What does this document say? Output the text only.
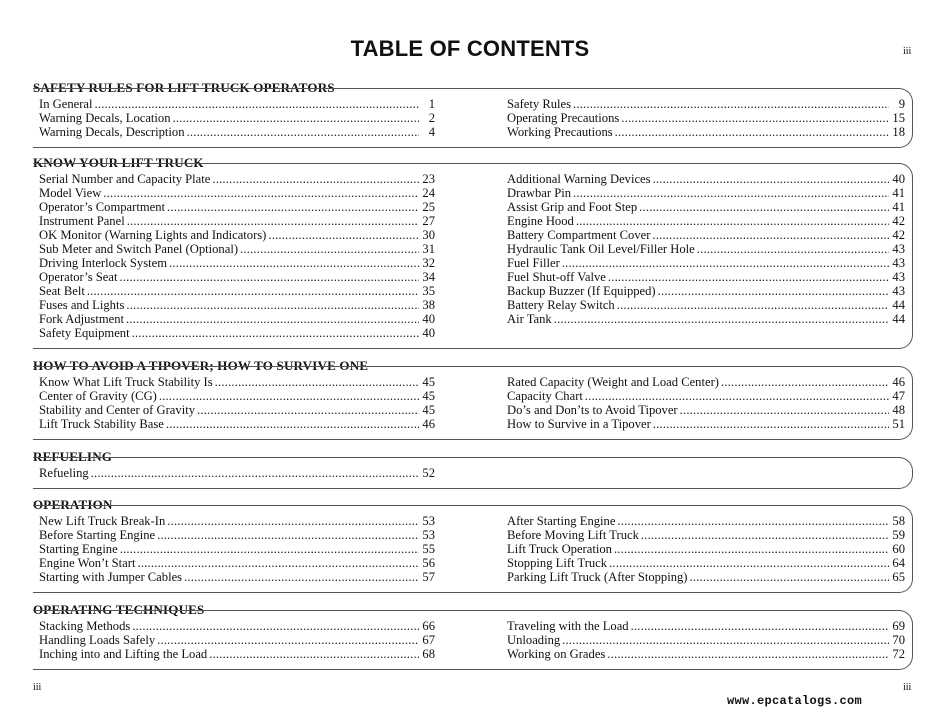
TABLE OF CONTENTS	iii
iii	iii
www.epcatalogs.com
SAFETY RULES FOR LIFT TRUCK OPERATORS
In General .....	1
Warning Decals, Location .....	2
Warning Decals, Description .....	4
Safety Rules .....	9
Operating Precautions .....	15
Working Precautions .....	18
KNOW YOUR LIFT TRUCK
Serial Number and Capacity Plate .....	23
Model View .....	24
Operator’s Compartment .....	25
Instrument Panel .....	27
OK Monitor (Warning Lights and Indicators) .....	30
Sub Meter and Switch Panel (Optional) .....	31
Driving Interlock System .....	32
Operator’s Seat .....	34
Seat Belt .....	35
Fuses and Lights .....	38
Fork Adjustment .....	40
Safety Equipment .....	40
Additional Warning Devices .....	40
Drawbar Pin .....	41
Assist Grip and Foot Step .....	41
Engine Hood .....	42
Battery Compartment Cover .....	42
Hydraulic Tank Oil Level/Filler Hole .....	43
Fuel Filler .....	43
Fuel Shut-off Valve .....	43
Backup Buzzer (If Equipped) .....	43
Battery Relay Switch .....	44
Air Tank .....	44
HOW TO AVOID A TIPOVER; HOW TO SURVIVE ONE
Know What Lift Truck Stability Is .....	45
Center of Gravity (CG) .....	45
Stability and Center of Gravity .....	45
Lift Truck Stability Base .....	46
Rated Capacity (Weight and Load Center) .....	46
Capacity Chart .....	47
Do’s and Don’ts to Avoid Tipover .....	48
How to Survive in a Tipover .....	51
REFUELING
Refueling .....	52
OPERATION
New Lift Truck Break-In .....	53
Before Starting Engine .....	53
Starting Engine .....	55
Engine Won’t Start .....	56
Starting with Jumper Cables .....	57
After Starting Engine .....	58
Before Moving Lift Truck .....	59
Lift Truck Operation .....	60
Stopping Lift Truck .....	64
Parking Lift Truck (After Stopping) .....	65
OPERATING TECHNIQUES
Stacking Methods .....	66
Handling Loads Safely .....	67
Inching into and Lifting the Load .....	68
Traveling with the Load .....	69
Unloading .....	70
Working on Grades .....	72
